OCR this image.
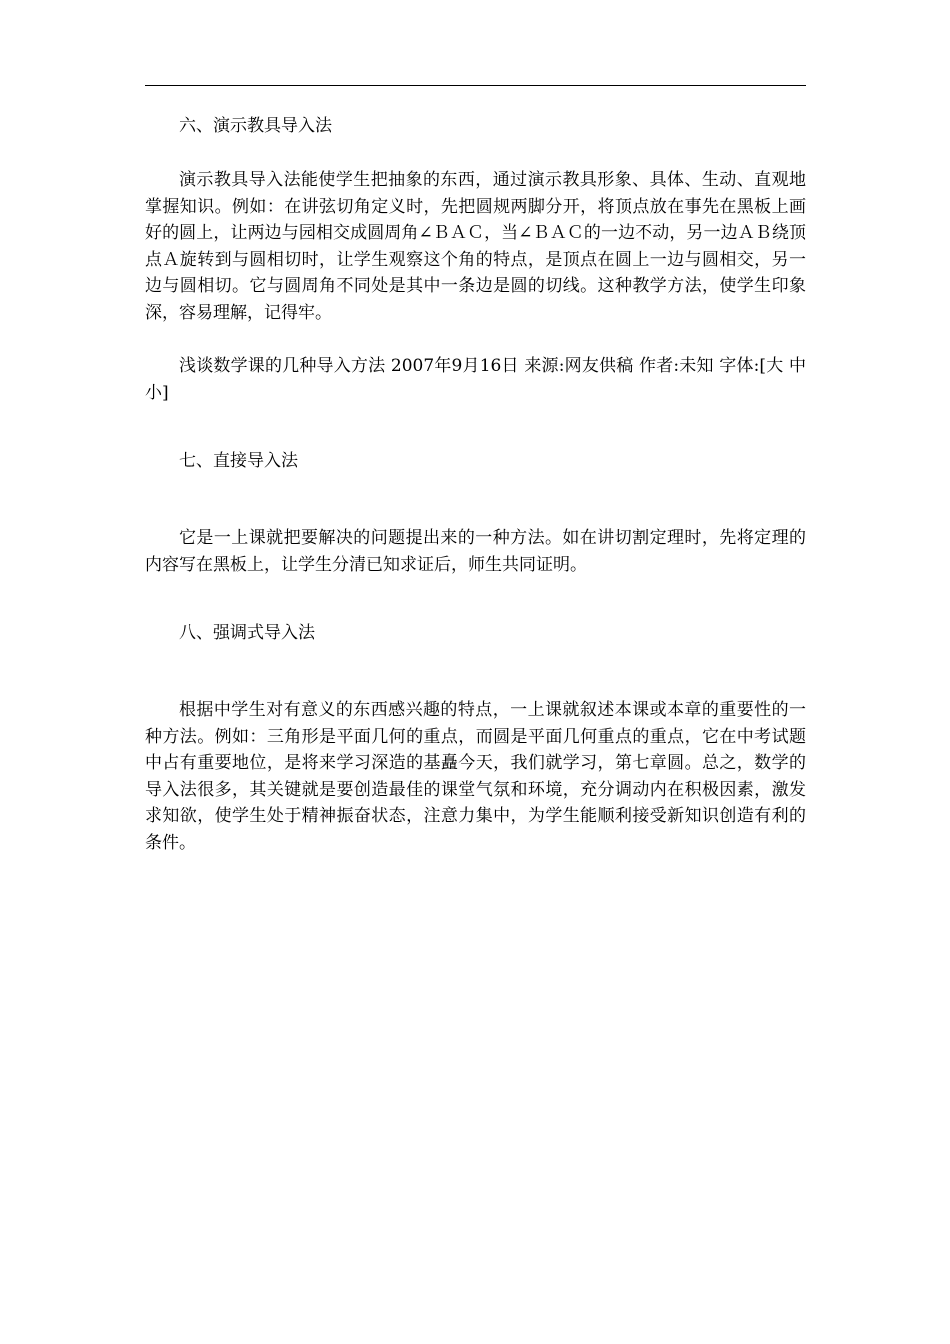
六、演示教具导入法

演示教具导入法能使学生把抽象的东西，通过演示教具形象、具体、生动、直观地掌握知识。例如：在讲弦切角定义时，先把圆规两脚分开，将顶点放在事先在黑板上画好的圆上，让两边与园相交成圆周角∠ＢＡＣ，当∠ＢＡＣ的一边不动，另一边ＡＢ绕顶点Ａ旋转到与圆相切时，让学生观察这个角的特点，是顶点在圆上一边与圆相交，另一边与圆相切。它与圆周角不同处是其中一条边是圆的切线。这种教学方法，使学生印象深，容易理解，记得牢。

浅谈数学课的几种导入方法 2007年9月16日 来源:网友供稿 作者:未知 字体:[大 中 小]

七、直接导入法

它是一上课就把要解决的问题提出来的一种方法。如在讲切割定理时，先将定理的内容写在黑板上，让学生分清已知求证后，师生共同证明。

八、强调式导入法

根据中学生对有意义的东西感兴趣的特点，一上课就叙述本课或本章的重要性的一种方法。例如：三角形是平面几何的重点，而圆是平面几何重点的重点，它在中考试题中占有重要地位，是将来学习深造的基矗今天，我们就学习，第七章圆。总之，数学的导入法很多，其关键就是要创造最佳的课堂气氛和环境，充分调动内在积极因素，激发求知欲，使学生处于精神振奋状态，注意力集中，为学生能顺利接受新知识创造有利的条件。
